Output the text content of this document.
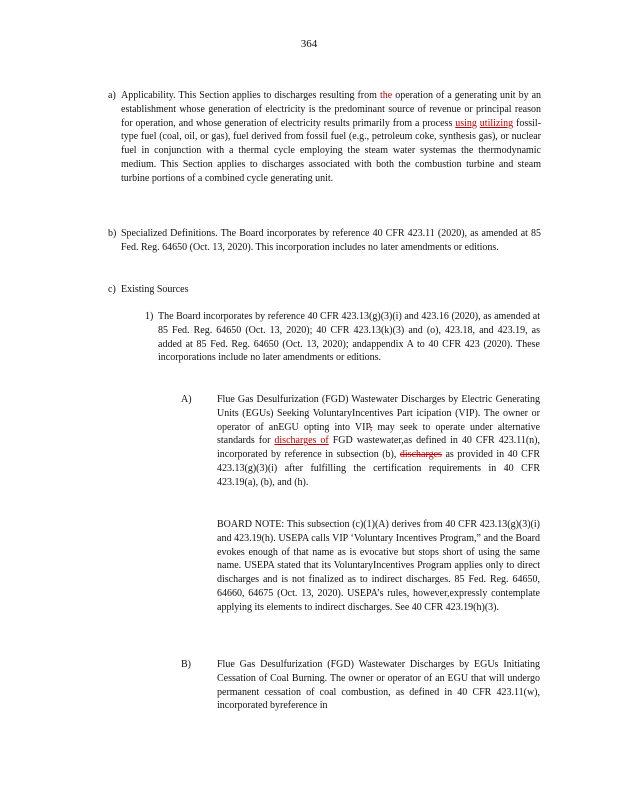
364
a) Applicability. This Section applies to discharges resulting from the operation of a generating unit by an establishment whose generation of electricity is the predominant source of revenue or principal reason for operation, and whose generation of electricity results primarily from a process using utilizing fossil-type fuel (coal, oil, or gas), fuel derived from fossil fuel (e.g., petroleum coke, synthesis gas), or nuclear fuel in conjunction with a thermal cycle employing the steam water systemas the thermodynamic medium. This Section applies to discharges associated with both the combustion turbine and steam turbine portions of a combined cycle generating unit.
b) Specialized Definitions. The Board incorporates by reference 40 CFR 423.11 (2020), as amended at 85 Fed. Reg. 64650 (Oct. 13, 2020). This incorporation includes no later amendments or editions.
c) Existing Sources
1) The Board incorporates by reference 40 CFR 423.13(g)(3)(i) and 423.16 (2020), as amended at 85 Fed. Reg. 64650 (Oct. 13, 2020); 40 CFR 423.13(k)(3) and (o), 423.18, and 423.19, as added at 85 Fed. Reg. 64650 (Oct. 13, 2020); andappendix A to 40 CFR 423 (2020). These incorporations include no later amendments or editions.
A)	Flue Gas Desulfurization (FGD) Wastewater Discharges by Electric Generating Units (EGUs) Seeking VoluntaryIncentives Part icipation (VIP). The owner or operator of anEGU opting into VIP, may seek to operate under alternative standards for discharges of FGD wastewater,as defined in 40 CFR 423.11(n), incorporated by reference in subsection (b), discharges as provided in 40 CFR 423.13(g)(3)(i) after fulfilling the certification requirements in 40 CFR 423.19(a), (b), and (h).
BOARD NOTE: This subsection (c)(1)(A) derives from 40 CFR 423.13(g)(3)(i) and 423.19(h). USEPA calls VIP ‘Voluntary Incentives Program,” and the Board evokes enough of that name as is evocative but stops short of using the same name. USEPA stated that its VoluntaryIncentives Program applies only to direct discharges and is not finalized as to indirect discharges. 85 Fed. Reg. 64650, 64660, 64675 (Oct. 13, 2020). USEPA’s rules, however,expressly contemplate applying its elements to indirect discharges. See 40 CFR 423.19(h)(3).
B)	Flue Gas Desulfurization (FGD) Wastewater Discharges by EGUs Initiating Cessation of Coal Burning. The owner or operator of an EGU that will undergo permanent cessation of coal combustion, as defined in 40 CFR 423.11(w), incorporated byreference in
